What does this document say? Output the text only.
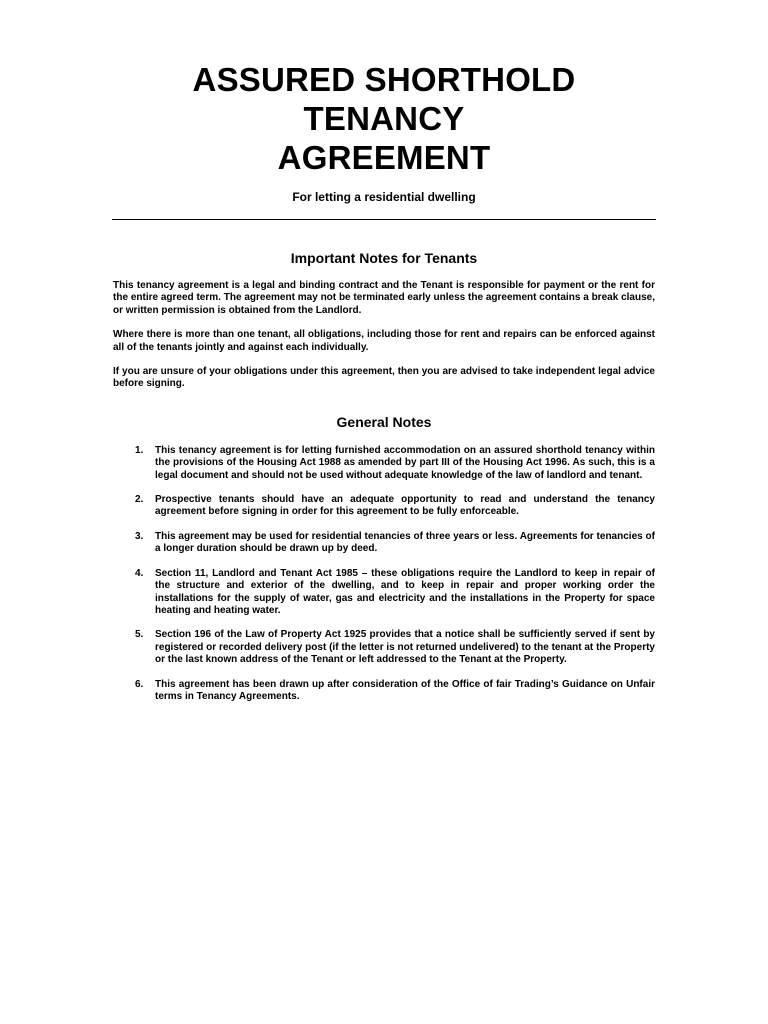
ASSURED SHORTHOLD
TENANCY
AGREEMENT
For letting a residential dwelling
Important Notes for Tenants

This tenancy agreement is a legal and binding contract and the Tenant is responsible for payment or the rent for the entire agreed term. The agreement may not be terminated early unless the agreement contains a break clause, or written permission is obtained from the Landlord.

Where there is more than one tenant, all obligations, including those for rent and repairs can be enforced against all of the tenants jointly and against each individually.

If you are unsure of your obligations under this agreement, then you are advised to take independent legal advice before signing.

General Notes
1.	This tenancy agreement is for letting furnished accommodation on an assured shorthold tenancy within the provisions of the Housing Act 1988 as amended by part III of the Housing Act 1996. As such, this is a legal document and should not be used without adequate knowledge of the law of landlord and tenant.
2.	Prospective tenants should have an adequate opportunity to read and understand the tenancy agreement before signing in order for this agreement to be fully enforceable.
3.	This agreement may be used for residential tenancies of three years or less. Agreements for tenancies of a longer duration should be drawn up by deed.
4.	Section 11, Landlord and Tenant Act 1985 – these obligations require the Landlord to keep in repair of the structure and exterior of the dwelling, and to keep in repair and proper working order the installations for the supply of water, gas and electricity and the installations in the Property for space heating and heating water.
5.	Section 196 of the Law of Property Act 1925 provides that a notice shall be sufficiently served if sent by registered or recorded delivery post (if the letter is not returned undelivered) to the tenant at the Property or the last known address of the Tenant or left addressed to the Tenant at the Property.
6.	This agreement has been drawn up after consideration of the Office of fair Trading’s Guidance on Unfair terms in Tenancy Agreements.
